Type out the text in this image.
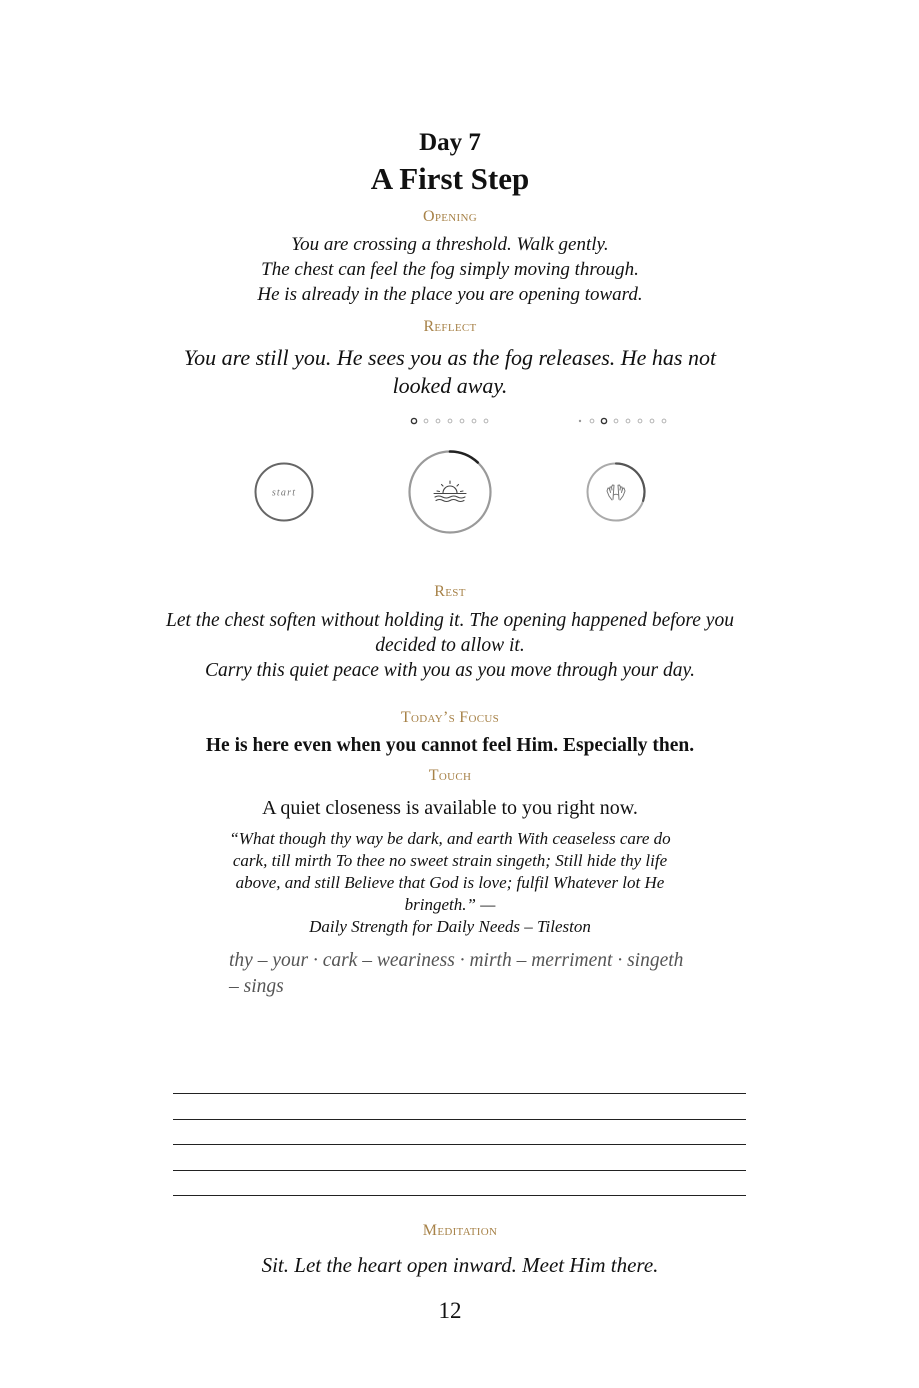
Day 7
A First Step
Opening
You are crossing a threshold. Walk gently.
The chest can feel the fog simply moving through.
He is already in the place you are opening toward.
Reflect
You are still you. He sees you as the fog releases. He has not looked away.
start
Rest
Let the chest soften without holding it. The opening happened before you decided to allow it.
Carry this quiet peace with you as you move through your day.
Today’s Focus
He is here even when you cannot feel Him. Especially then.
Touch
A quiet closeness is available to you right now.
“What though thy way be dark, and earth With ceaseless care do cark, till mirth To thee no sweet strain singeth; Still hide thy life above, and still Believe that God is love; fulfil Whatever lot He bringeth.” —
Daily Strength for Daily Needs – Tileston
thy – your · cark – weariness · mirth – merriment · singeth – sings
Meditation
Sit. Let the heart open inward. Meet Him there.
12
